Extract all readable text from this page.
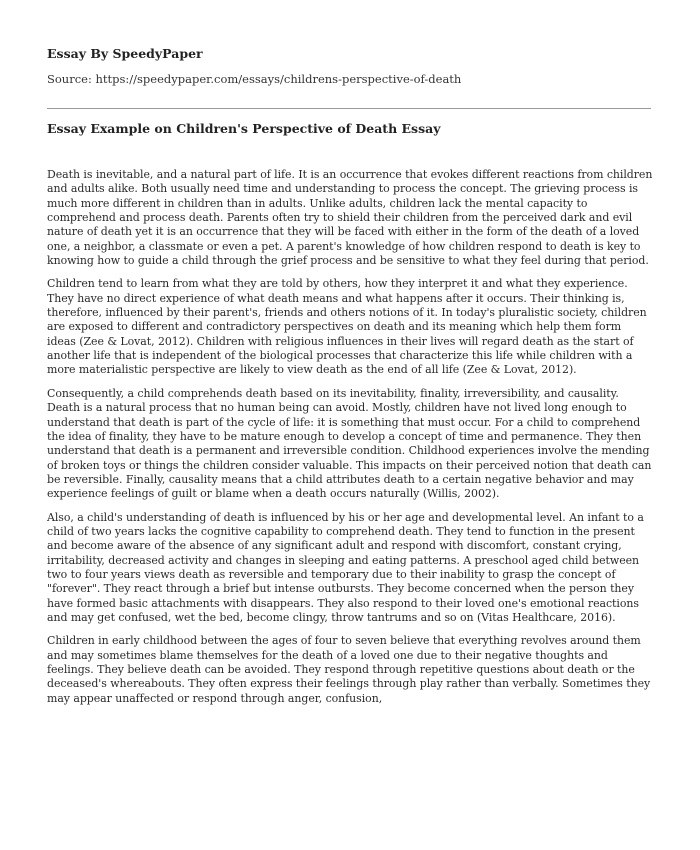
Essay By SpeedyPaper

Source: https://speedypaper.com/essays/childrens-perspective-of-death

Essay Example on Children's Perspective of Death Essay

Death is inevitable, and a natural part of life. It is an occurrence that evokes different reactions from children and adults alike. Both usually need time and understanding to process the concept. The grieving process is much more different in children than in adults. Unlike adults, children lack the mental capacity to comprehend and process death. Parents often try to shield their children from the perceived dark and evil nature of death yet it is an occurrence that they will be faced with either in the form of the death of a loved one, a neighbor, a classmate or even a pet. A parent's knowledge of how children respond to death is key to knowing how to guide a child through the grief process and be sensitive to what they feel during that period.

Children tend to learn from what they are told by others, how they interpret it and what they experience. They have no direct experience of what death means and what happens after it occurs. Their thinking is, therefore, influenced by their parent's, friends and others notions of it. In today's pluralistic society, children are exposed to different and contradictory perspectives on death and its meaning which help them form ideas (Zee & Lovat, 2012). Children with religious influences in their lives will regard death as the start of another life that is independent of the biological processes that characterize this life while children with a more materialistic perspective are likely to view death as the end of all life (Zee & Lovat, 2012).

Consequently, a child comprehends death based on its inevitability, finality, irreversibility, and causality. Death is a natural process that no human being can avoid. Mostly, children have not lived long enough to understand that death is part of the cycle of life: it is something that must occur. For a child to comprehend the idea of finality, they have to be mature enough to develop a concept of time and permanence. They then understand that death is a permanent and irreversible condition. Childhood experiences involve the mending of broken toys or things the children consider valuable. This impacts on their perceived notion that death can be reversible. Finally, causality means that a child attributes death to a certain negative behavior and may experience feelings of guilt or blame when a death occurs naturally (Willis, 2002).

Also, a child's understanding of death is influenced by his or her age and developmental level. An infant to a child of two years lacks the cognitive capability to comprehend death. They tend to function in the present and become aware of the absence of any significant adult and respond with discomfort, constant crying, irritability, decreased activity and changes in sleeping and eating patterns. A preschool aged child between two to four years views death as reversible and temporary due to their inability to grasp the concept of "forever". They react through a brief but intense outbursts. They become concerned when the person they have formed basic attachments with disappears. They also respond to their loved one's emotional reactions and may get confused, wet the bed, become clingy, throw tantrums and so on (Vitas Healthcare, 2016).

Children in early childhood between the ages of four to seven believe that everything revolves around them and may sometimes blame themselves for the death of a loved one due to their negative thoughts and feelings. They believe death can be avoided. They respond through repetitive questions about death or the deceased's whereabouts. They often express their feelings through play rather than verbally. Sometimes they may appear unaffected or respond through anger, confusion,
